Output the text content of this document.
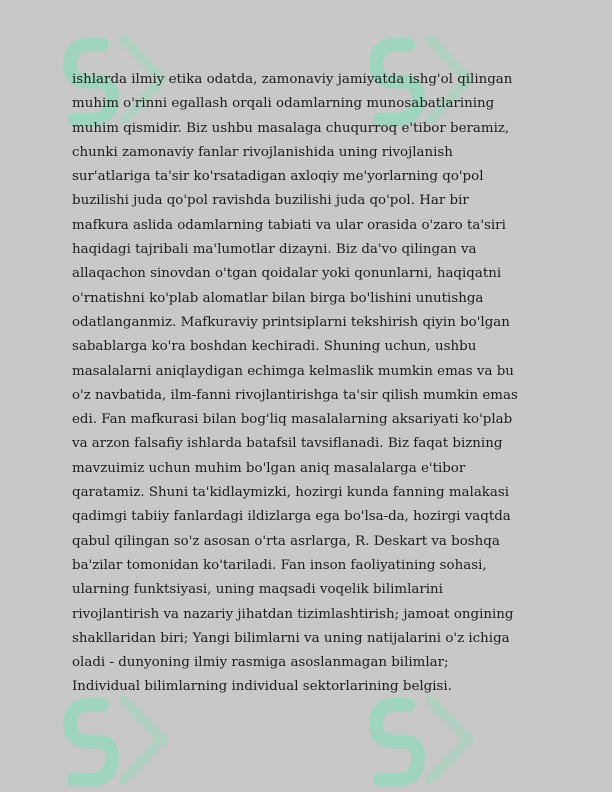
ishlarda ilmiy etika odatda, zamonaviy jamiyatda ishg'ol qilingan
muhim o'rinni egallash orqali odamlarning munosabatlarining
muhim qismidir. Biz ushbu masalaga chuqurroq e'tibor beramiz,
chunki zamonaviy fanlar rivojlanishida uning rivojlanish
sur'atlariga ta'sir ko'rsatadigan axloqiy me'yorlarning qo'pol
buzilishi juda qo'pol ravishda buzilishi juda qo'pol. Har bir
mafkura aslida odamlarning tabiati va ular orasida o'zaro ta'siri
haqidagi tajribali ma'lumotlar dizayni. Biz da'vo qilingan va
allaqachon sinovdan o'tgan qoidalar yoki qonunlarni, haqiqatni
o'rnatishni ko'plab alomatlar bilan birga bo'lishini unutishga
odatlanganmiz. Mafkuraviy printsiplarni tekshirish qiyin bo'lgan
sabablarga ko'ra boshdan kechiradi. Shuning uchun, ushbu
masalalarni aniqlaydigan echimga kelmaslik mumkin emas va bu
o'z navbatida, ilm-fanni rivojlantirishga ta'sir qilish mumkin emas
edi. Fan mafkurasi bilan bog'liq masalalarning aksariyati ko'plab
va arzon falsafiy ishlarda batafsil tavsiflanadi. Biz faqat bizning
mavzuimiz uchun muhim bo'lgan aniq masalalarga e'tibor
qaratamiz. Shuni ta'kidlaymizki, hozirgi kunda fanning malakasi
qadimgi tabiiy fanlardagi ildizlarga ega bo'lsa-da, hozirgi vaqtda
qabul qilingan so'z asosan o'rta asrlarga, R. Deskart va boshqa
ba'zilar tomonidan ko'tariladi. Fan inson faoliyatining sohasi,
ularning funktsiyasi, uning maqsadi voqelik bilimlarini
rivojlantirish va nazariy jihatdan tizimlashtirish; jamoat ongining
shakllaridan biri; Yangi bilimlarni va uning natijalarini o'z ichiga
oladi - dunyoning ilmiy rasmiga asoslanmagan bilimlar;
Individual bilimlarning individual sektorlarining belgisi.
